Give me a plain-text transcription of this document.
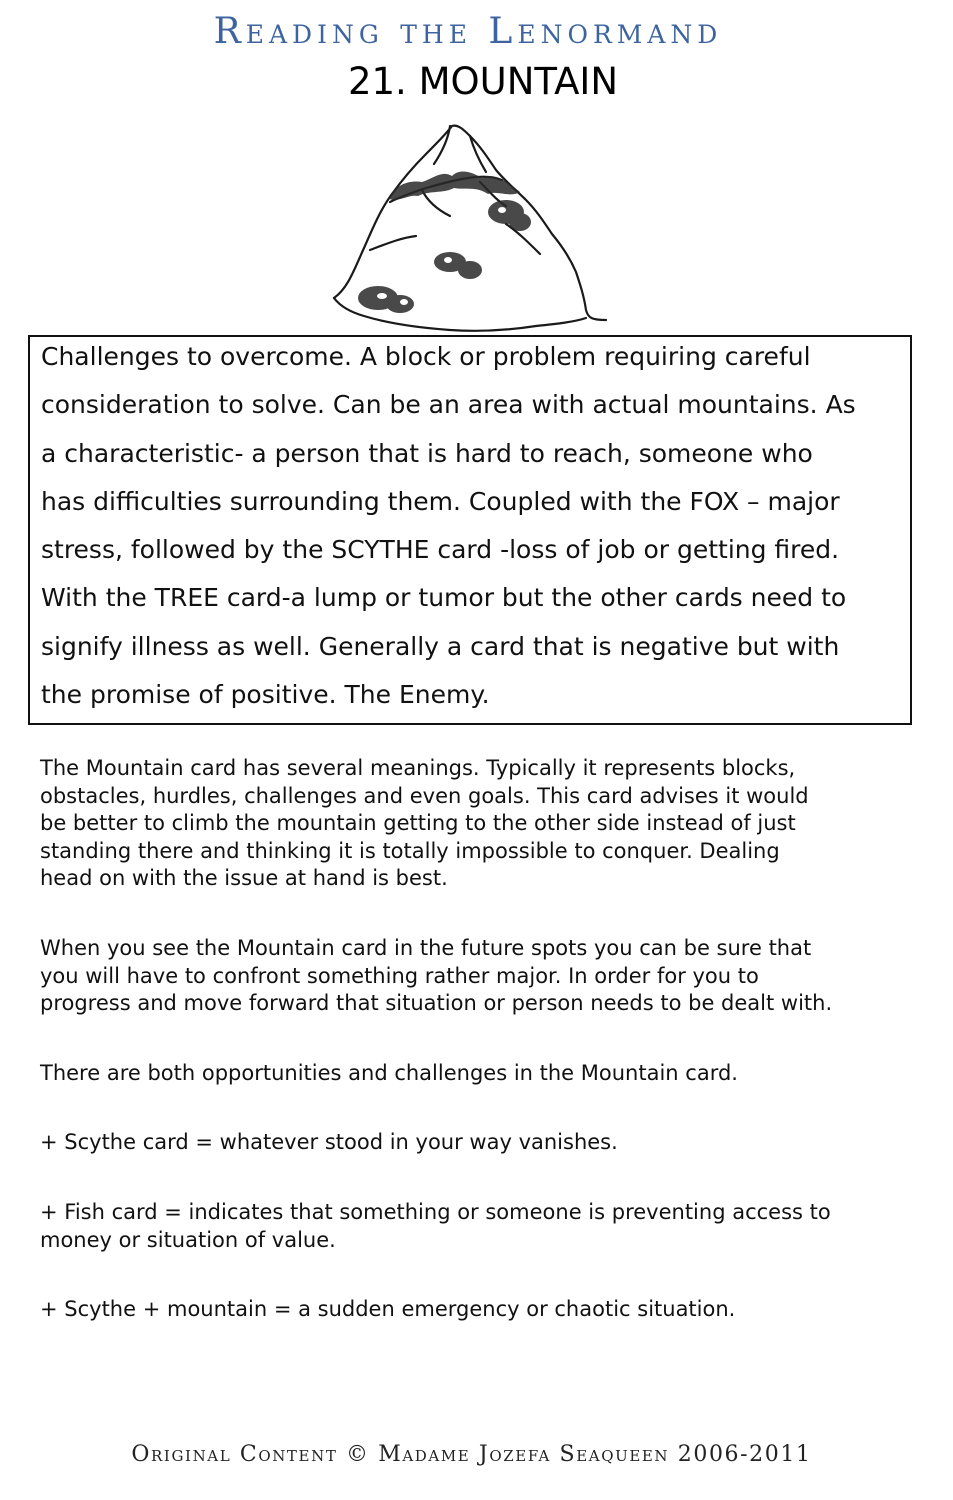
Reading the Lenormand
21. MOUNTAIN

Challenges to overcome. A block or problem requiring careful
consideration to solve. Can be an area with actual mountains. As
a characteristic- a person that is hard to reach, someone who
has difficulties surrounding them. Coupled with the FOX – major
stress, followed by the SCYTHE card -loss of job or getting fired.
With the TREE card-a lump or tumor but the other cards need to
signify illness as well. Generally a card that is negative but with
the promise of positive. The Enemy.

The Mountain card has several meanings. Typically it represents blocks,
obstacles, hurdles, challenges and even goals. This card advises it would
be better to climb the mountain getting to the other side instead of just
standing there and thinking it is totally impossible to conquer. Dealing
head on with the issue at hand is best.

When you see the Mountain card in the future spots you can be sure that
you will have to confront something rather major. In order for you to
progress and move forward that situation or person needs to be dealt with.

There are both opportunities and challenges in the Mountain card.

+ Scythe card = whatever stood in your way vanishes.

+ Fish card = indicates that something or someone is preventing access to
money or situation of value.

+ Scythe + mountain = a sudden emergency or chaotic situation.

Original Content © Madame Jozefa Seaqueen 2006-2011
